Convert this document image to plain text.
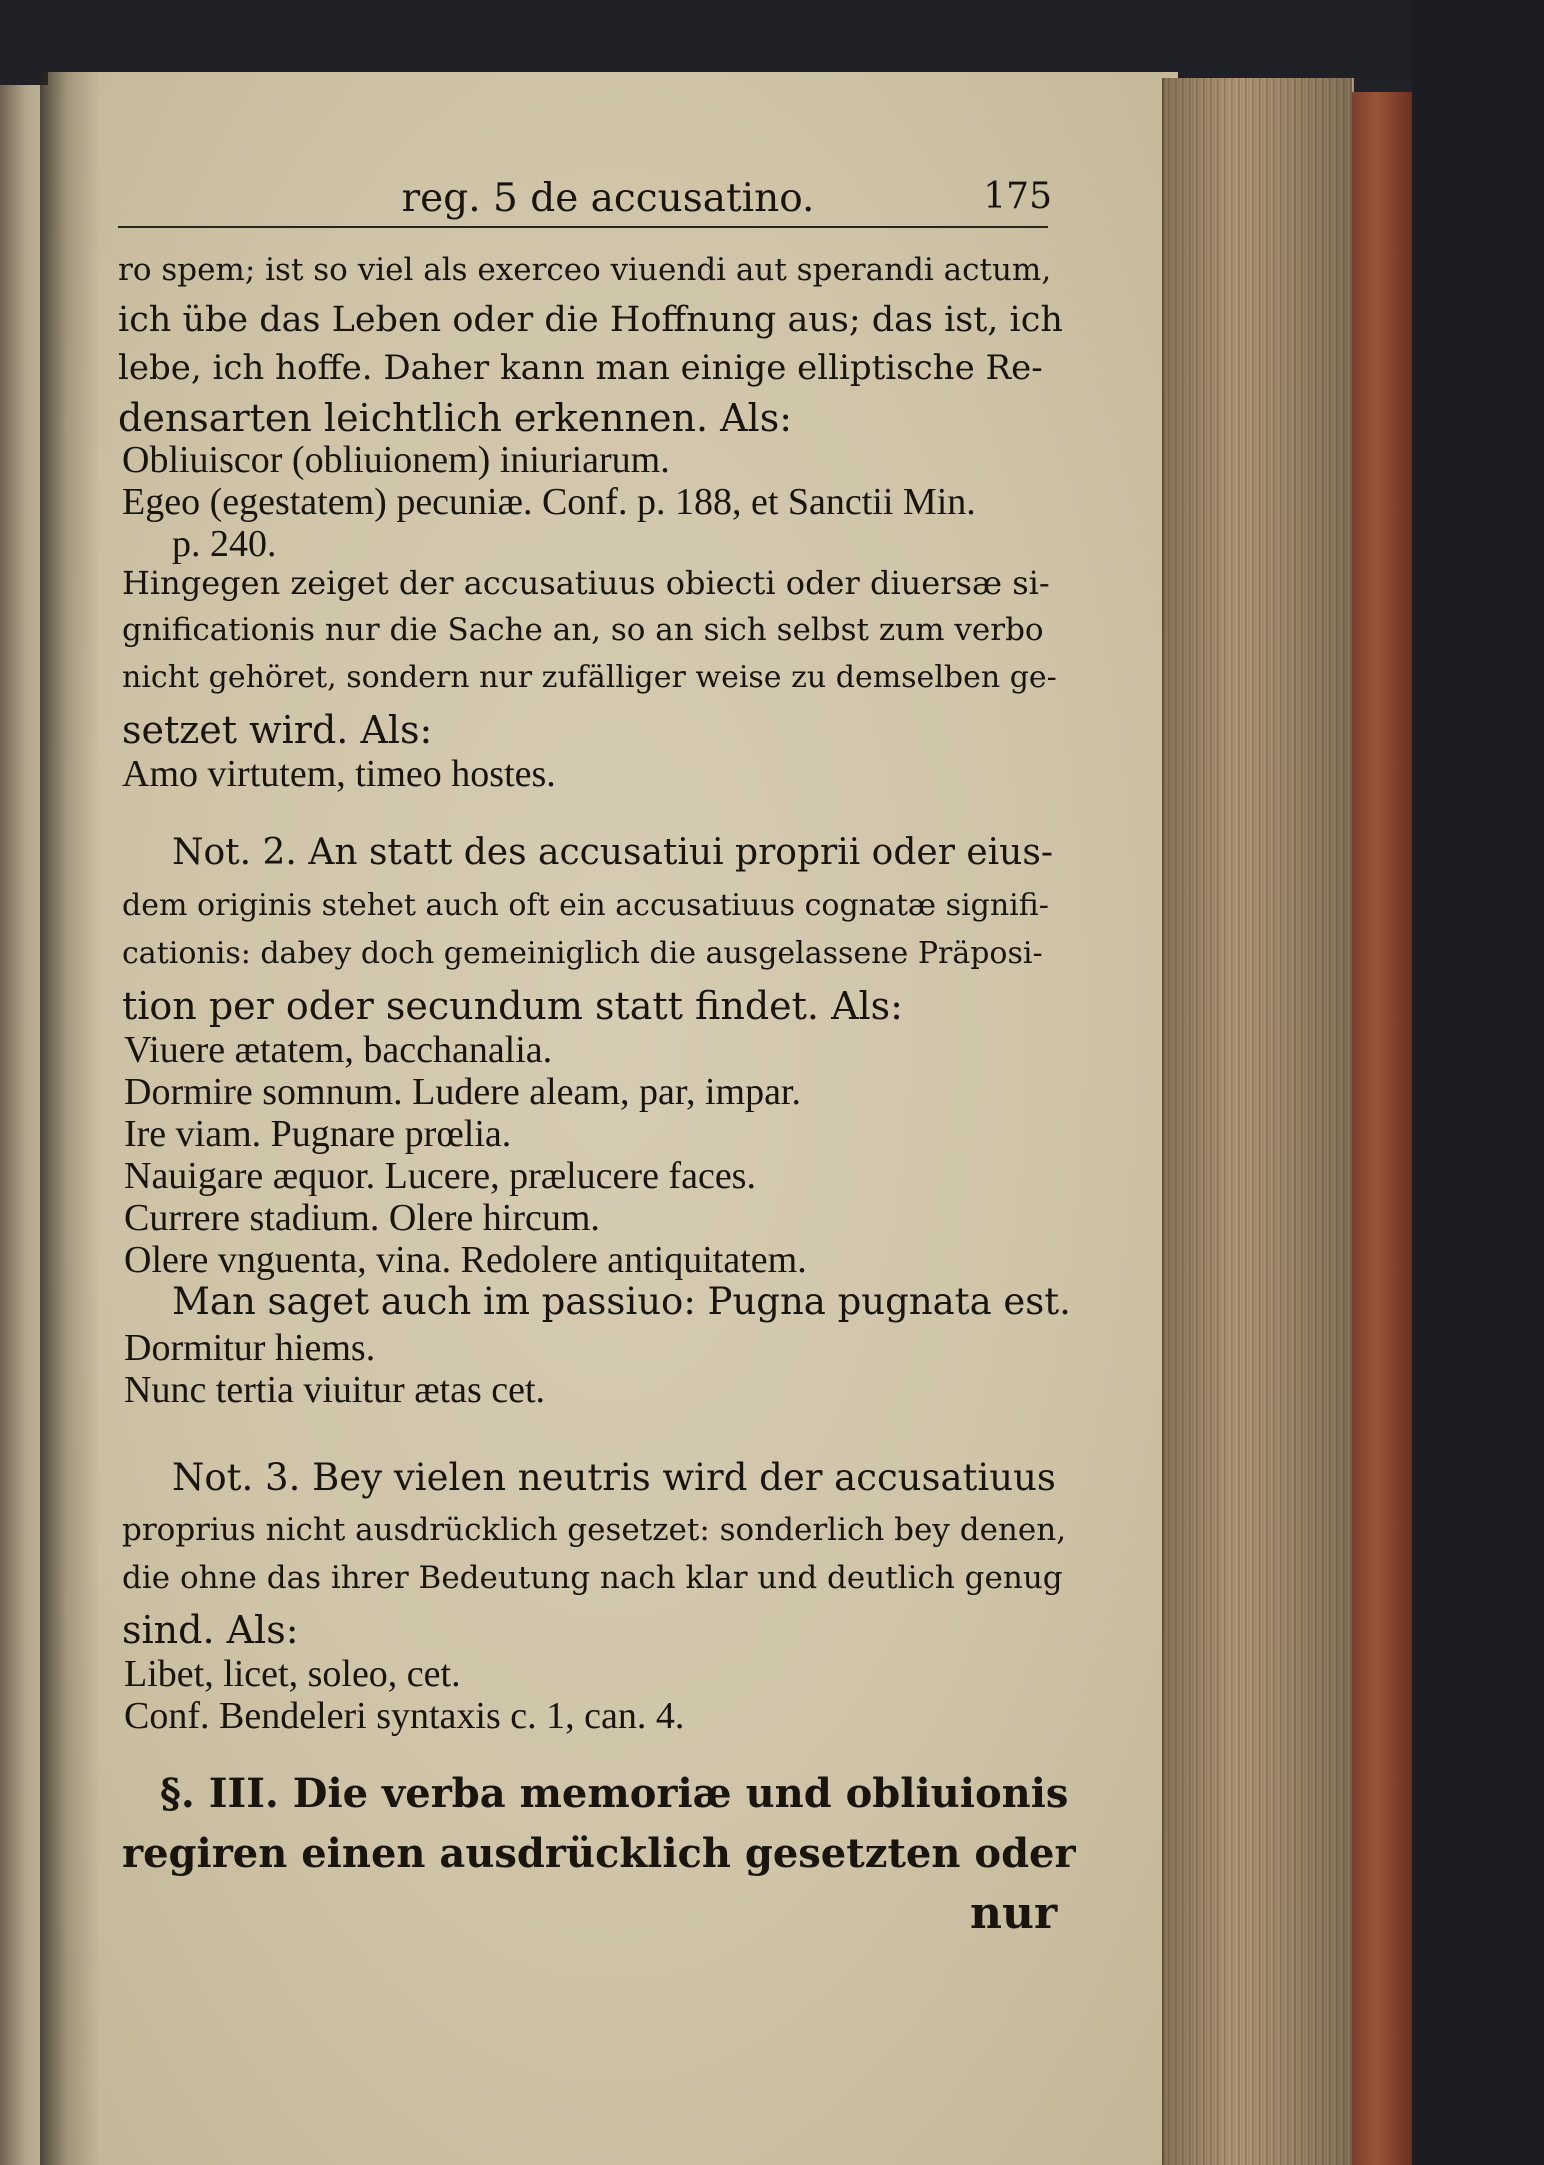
reg. 5 de accusatino.	175
ro spem; ist so viel als exerceo viuendi aut sperandi actum,
ich übe das Leben oder die Hoffnung aus; das ist, ich
lebe, ich hoffe. Daher kann man einige elliptische Re-
densarten leichtlich erkennen. Als:
Obliuiscor (obliuionem) iniuriarum.
Egeo (egestatem) pecuniæ. Conf. p. 188, et Sanctii Min.
p. 240.
Hingegen zeiget der accusatiuus obiecti oder diuersæ si-
gnificationis nur die Sache an, so an sich selbst zum verbo
nicht gehöret, sondern nur zufälliger weise zu demselben ge-
setzet wird. Als:
Amo virtutem, timeo hostes.
Not. 2. An statt des accusatiui proprii oder eius-
dem originis stehet auch oft ein accusatiuus cognatæ signifi-
cationis: dabey doch gemeiniglich die ausgelassene Präposi-
tion per oder secundum statt findet. Als:
Viuere ætatem, bacchanalia.
Dormire somnum. Ludere aleam, par, impar.
Ire viam. Pugnare prœlia.
Nauigare æquor. Lucere, prælucere faces.
Currere stadium. Olere hircum.
Olere vnguenta, vina. Redolere antiquitatem.
Man saget auch im passiuo: Pugna pugnata est.
Dormitur hiems.
Nunc tertia viuitur ætas cet.
Not. 3. Bey vielen neutris wird der accusatiuus
proprius nicht ausdrücklich gesetzet: sonderlich bey denen,
die ohne das ihrer Bedeutung nach klar und deutlich genug
sind. Als:
Libet, licet, soleo, cet.
Conf. Bendeleri syntaxis c. 1, can. 4.
§. III. Die verba memoriæ und obliuionis
regiren einen ausdrücklich gesetzten oder
nur
